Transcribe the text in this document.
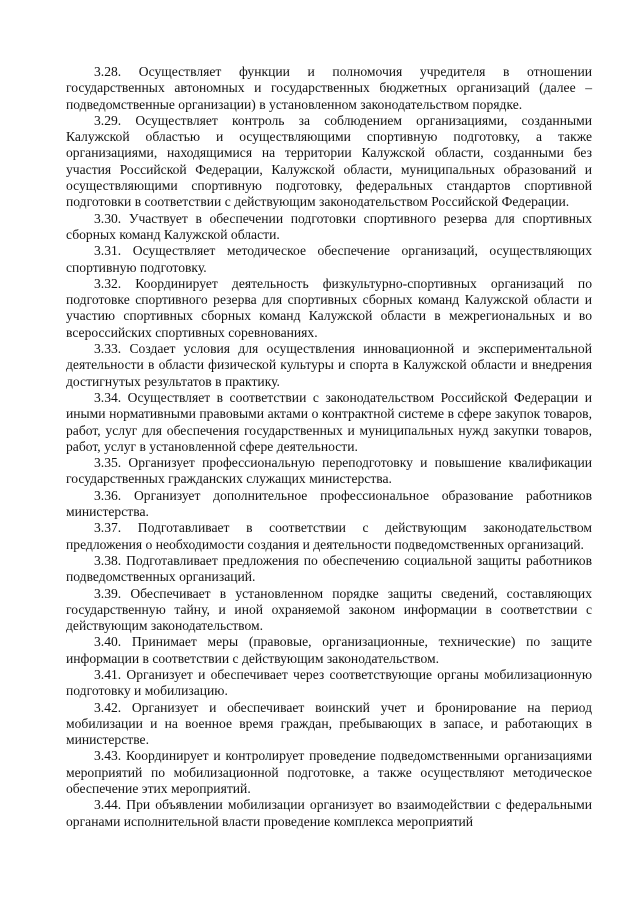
3.28. Осуществляет функции и полномочия учредителя в отношении государственных автономных и государственных бюджетных организаций (далее – подведомственные организации) в установленном законодательством порядке.

3.29. Осуществляет контроль за соблюдением организациями, созданными Калужской областью и осуществляющими спортивную подготовку, а также организациями, находящимися на территории Калужской области, созданными без участия Российской Федерации, Калужской области, муниципальных образований и осуществляющими спортивную подготовку, федеральных стандартов спортивной подготовки в соответствии с действующим законодательством Российской Федерации.

3.30. Участвует в обеспечении подготовки спортивного резерва для спортивных сборных команд Калужской области.

3.31. Осуществляет методическое обеспечение организаций, осуществляющих спортивную подготовку.

3.32. Координирует деятельность физкультурно-спортивных организаций по подготовке спортивного резерва для спортивных сборных команд Калужской области и участию спортивных сборных команд Калужской области в межрегиональных и во всероссийских спортивных соревнованиях.

3.33. Создает условия для осуществления инновационной и экспериментальной деятельности в области физической культуры и спорта в Калужской области и внедрения достигнутых результатов в практику.

3.34. Осуществляет в соответствии с законодательством Российской Федерации и иными нормативными правовыми актами о контрактной системе в сфере закупок товаров, работ, услуг для обеспечения государственных и муниципальных нужд закупки товаров, работ, услуг в установленной сфере деятельности.

3.35. Организует профессиональную переподготовку и повышение квалификации государственных гражданских служащих министерства.

3.36. Организует дополнительное профессиональное образование работников министерства.

3.37. Подготавливает в соответствии с действующим законодательством предложения о необходимости создания и деятельности подведомственных организаций.

3.38. Подготавливает предложения по обеспечению социальной защиты работников подведомственных организаций.

3.39. Обеспечивает в установленном порядке защиты сведений, составляющих государственную тайну, и иной охраняемой законом информации в соответствии с действующим законодательством.

3.40. Принимает меры (правовые, организационные, технические) по защите информации в соответствии с действующим законодательством.

3.41. Организует и обеспечивает через соответствующие органы мобилизационную подготовку и мобилизацию.

3.42. Организует и обеспечивает воинский учет и бронирование на период мобилизации и на военное время граждан, пребывающих в запасе, и работающих в министерстве.

3.43. Координирует и контролирует проведение подведомственными организациями мероприятий по мобилизационной подготовке, а также осуществляют методическое обеспечение этих мероприятий.

3.44. При объявлении мобилизации организует во взаимодействии с федеральными органами исполнительной власти проведение комплекса мероприятий
